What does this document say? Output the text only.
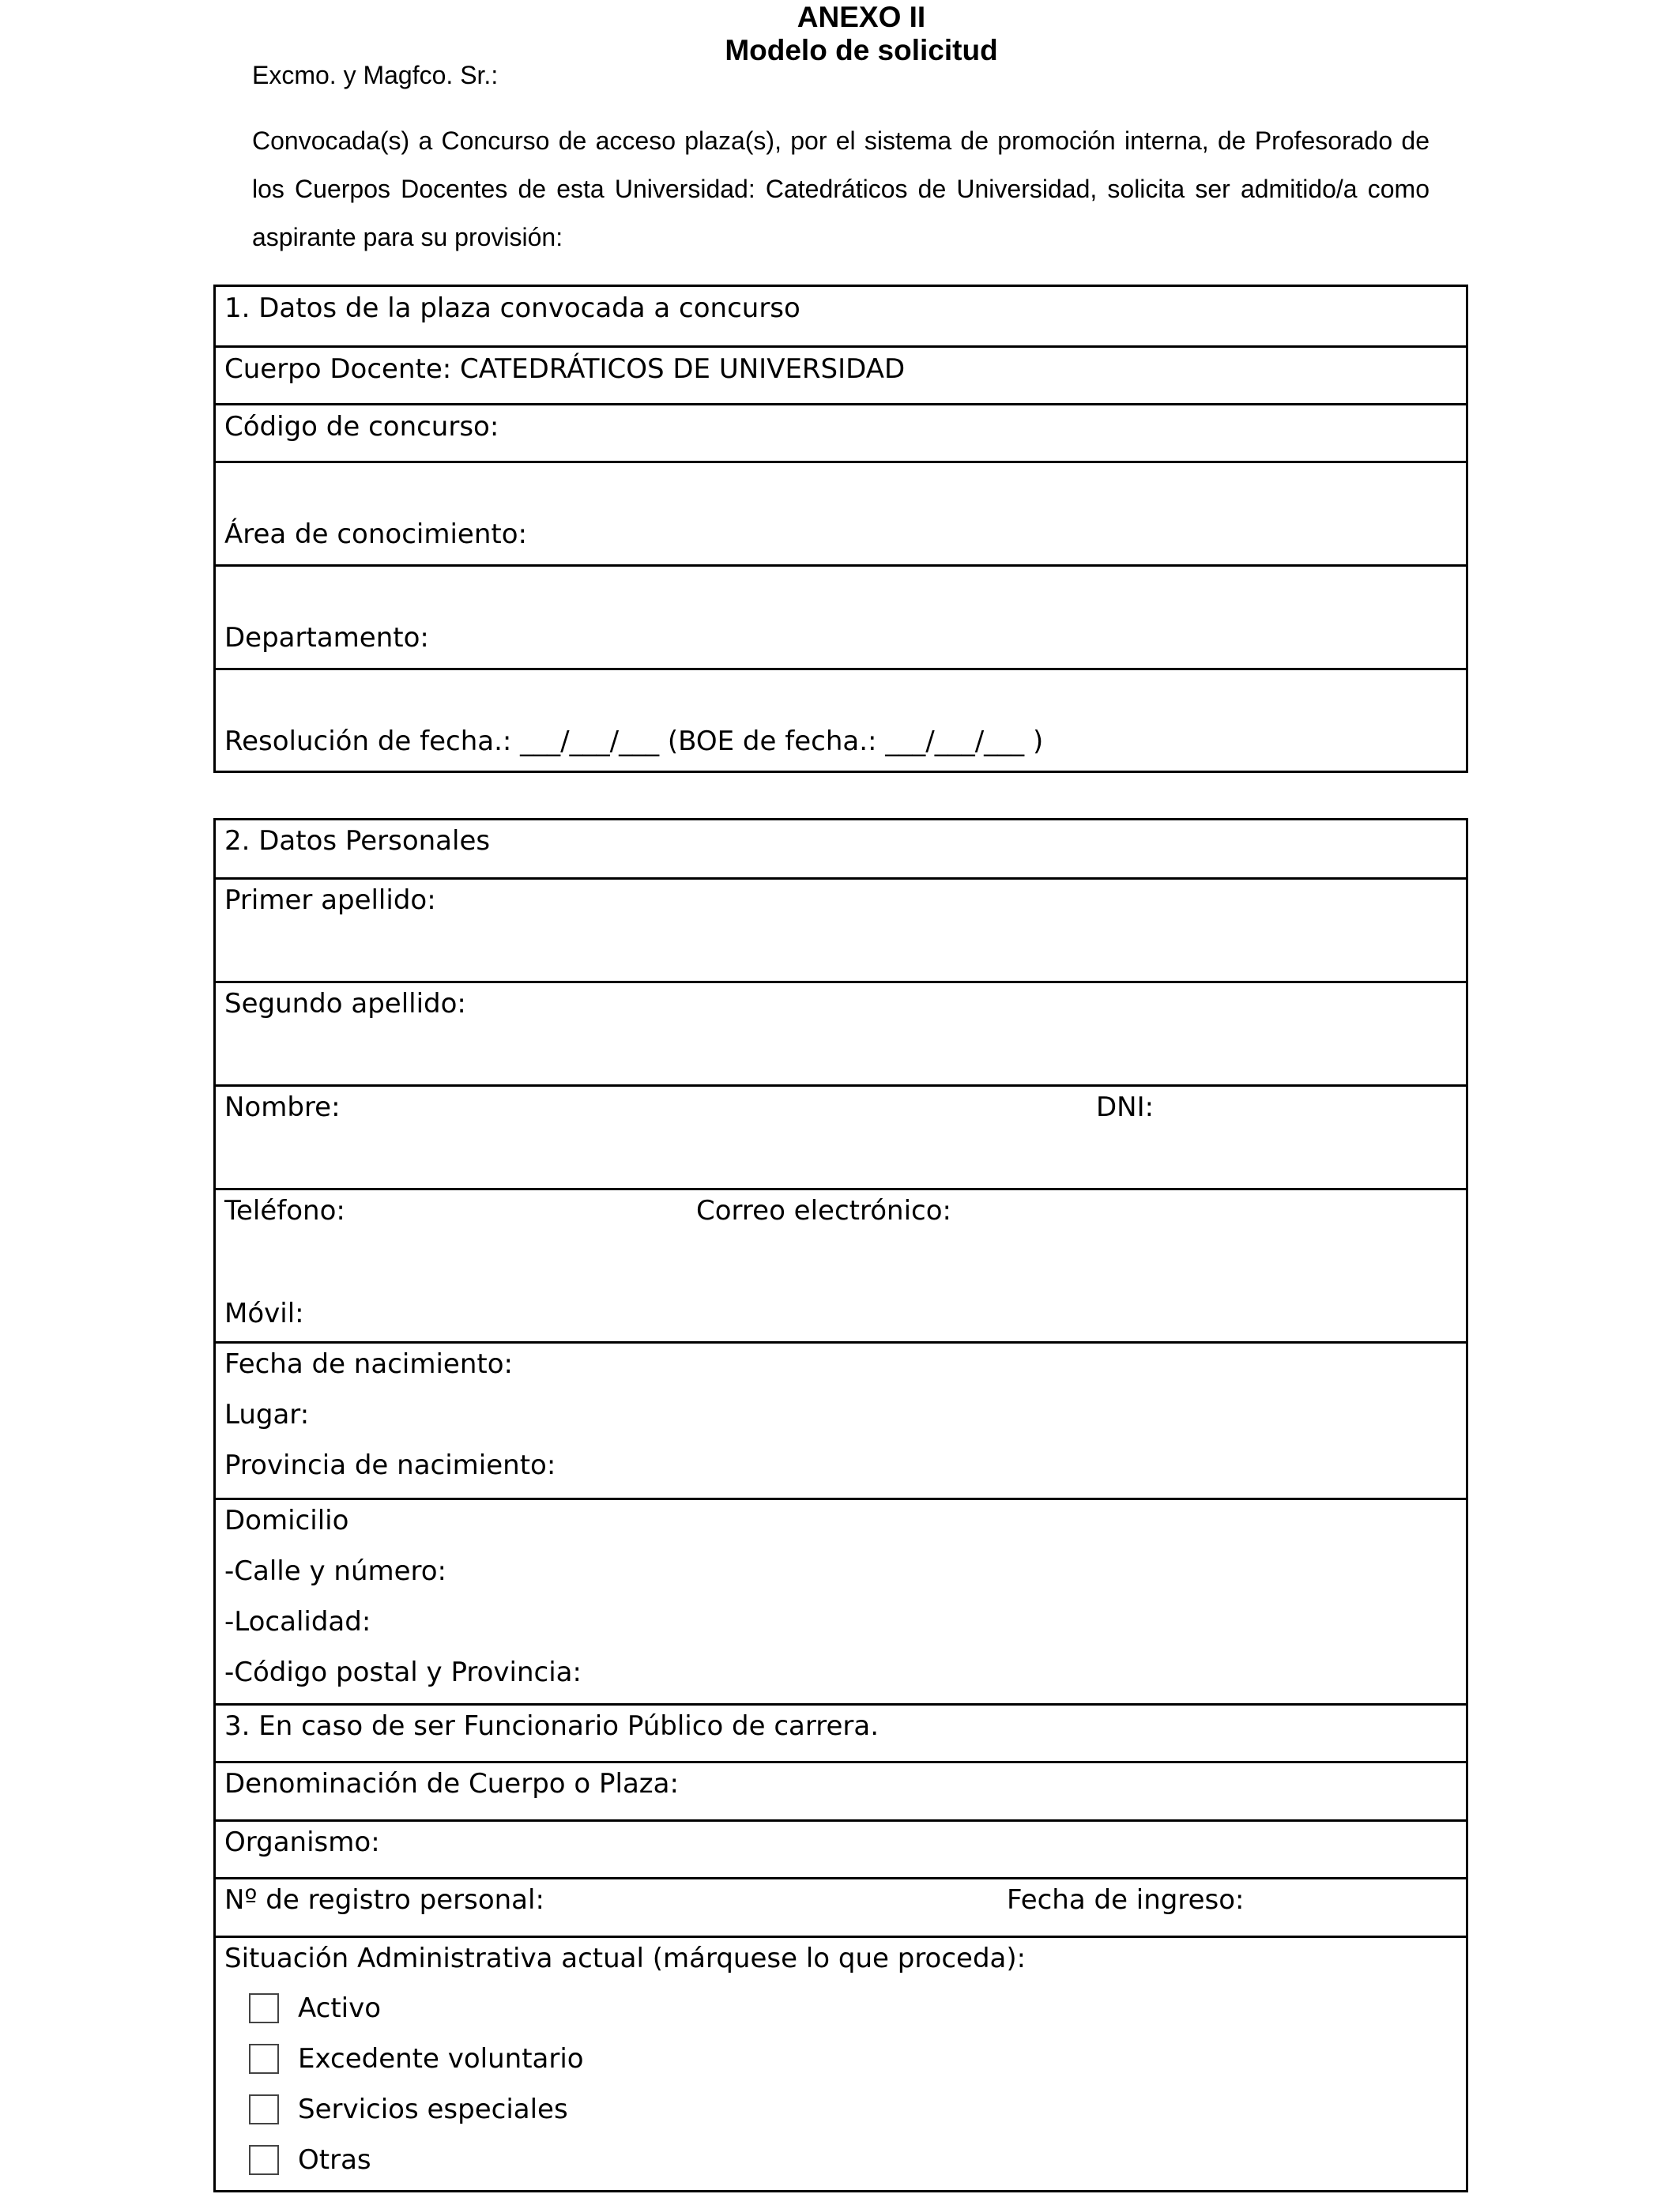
ANEXO II
Modelo de solicitud
Excmo. y Magfco. Sr.:
Convocada(s) a Concurso de acceso plaza(s), por el sistema de promoción interna, de Profesorado de los Cuerpos Docentes de esta Universidad: Catedráticos de Universidad, solicita ser admitido/a como aspirante para su provisión:
1. Datos de la plaza convocada a concurso
Cuerpo Docente: CATEDRÁTICOS DE UNIVERSIDAD
Código de concurso:
Área de conocimiento:
Departamento:
Resolución de fecha.: ___/___/___ (BOE de fecha.: ___/___/___ )
2. Datos Personales
Primer apellido:
Segundo apellido:
Nombre:	DNI:
Teléfono:	Correo electrónico:
Móvil:
Fecha de nacimiento:
Lugar:
Provincia de nacimiento:
Domicilio
-Calle y número:
-Localidad:
-Código postal y Provincia:
3. En caso de ser Funcionario Público de carrera.
Denominación de Cuerpo o Plaza:
Organismo:
Nº de registro personal:	Fecha de ingreso:
Situación Administrativa actual (márquese lo que proceda):
Activo
Excedente voluntario
Servicios especiales
Otras
